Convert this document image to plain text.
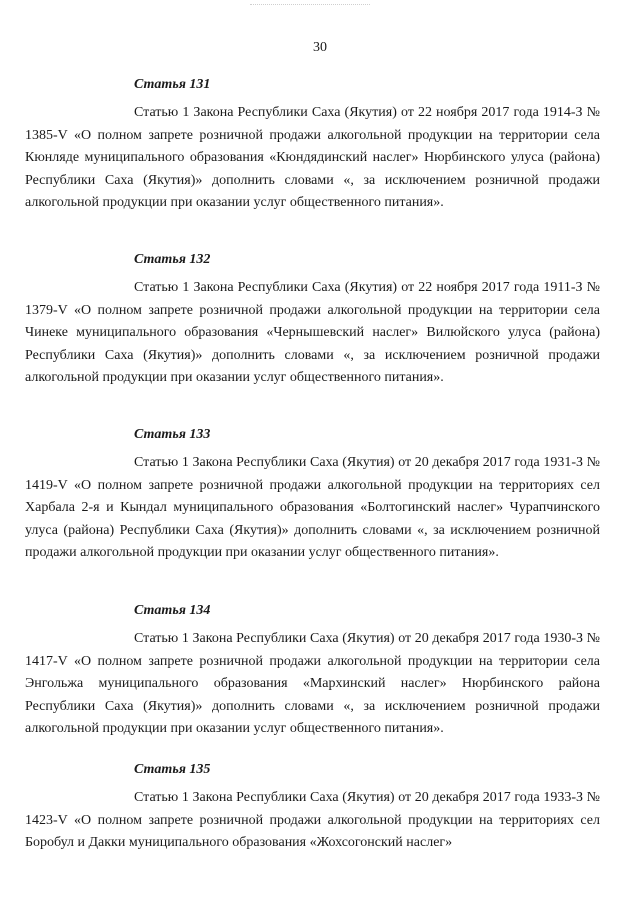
30
Статья 131

Статью 1 Закона Республики Саха (Якутия) от 22 ноября 2017 года 1914-З № 1385-V «О полном запрете розничной продажи алкогольной продукции на территории села Кюнляде муниципального образования «Кюндядинский наслег» Нюрбинского улуса (района) Республики Саха (Якутия)» дополнить словами «, за исключением розничной продажи алкогольной продукции при оказании услуг общественного питания».

Статья 132

Статью 1 Закона Республики Саха (Якутия) от 22 ноября 2017 года 1911-З № 1379-V «О полном запрете розничной продажи алкогольной продукции на территории села Чинеке муниципального образования «Чернышевский наслег» Вилюйского улуса (района) Республики Саха (Якутия)» дополнить словами «, за исключением розничной продажи алкогольной продукции при оказании услуг общественного питания».

Статья 133

Статью 1 Закона Республики Саха (Якутия) от 20 декабря 2017 года 1931-З № 1419-V «О полном запрете розничной продажи алкогольной продукции на территориях сел Харбала 2-я и Кындал муниципального образования «Болтогинский наслег» Чурапчинского улуса (района) Республики Саха (Якутия)» дополнить словами «, за исключением розничной продажи алкогольной продукции при оказании услуг общественного питания».

Статья 134

Статью 1 Закона Республики Саха (Якутия) от 20 декабря 2017 года 1930-З № 1417-V «О полном запрете розничной продажи алкогольной продукции на территории села Энгольжа муниципального образования «Мархинский наслег» Нюрбинского района Республики Саха (Якутия)» дополнить словами «, за исключением розничной продажи алкогольной продукции при оказании услуг общественного питания».

Статья 135

Статью 1 Закона Республики Саха (Якутия) от 20 декабря 2017 года 1933-З № 1423-V «О полном запрете розничной продажи алкогольной продукции на территориях сел Боробул и Дакки муниципального образования «Жохсогонский наслег»
